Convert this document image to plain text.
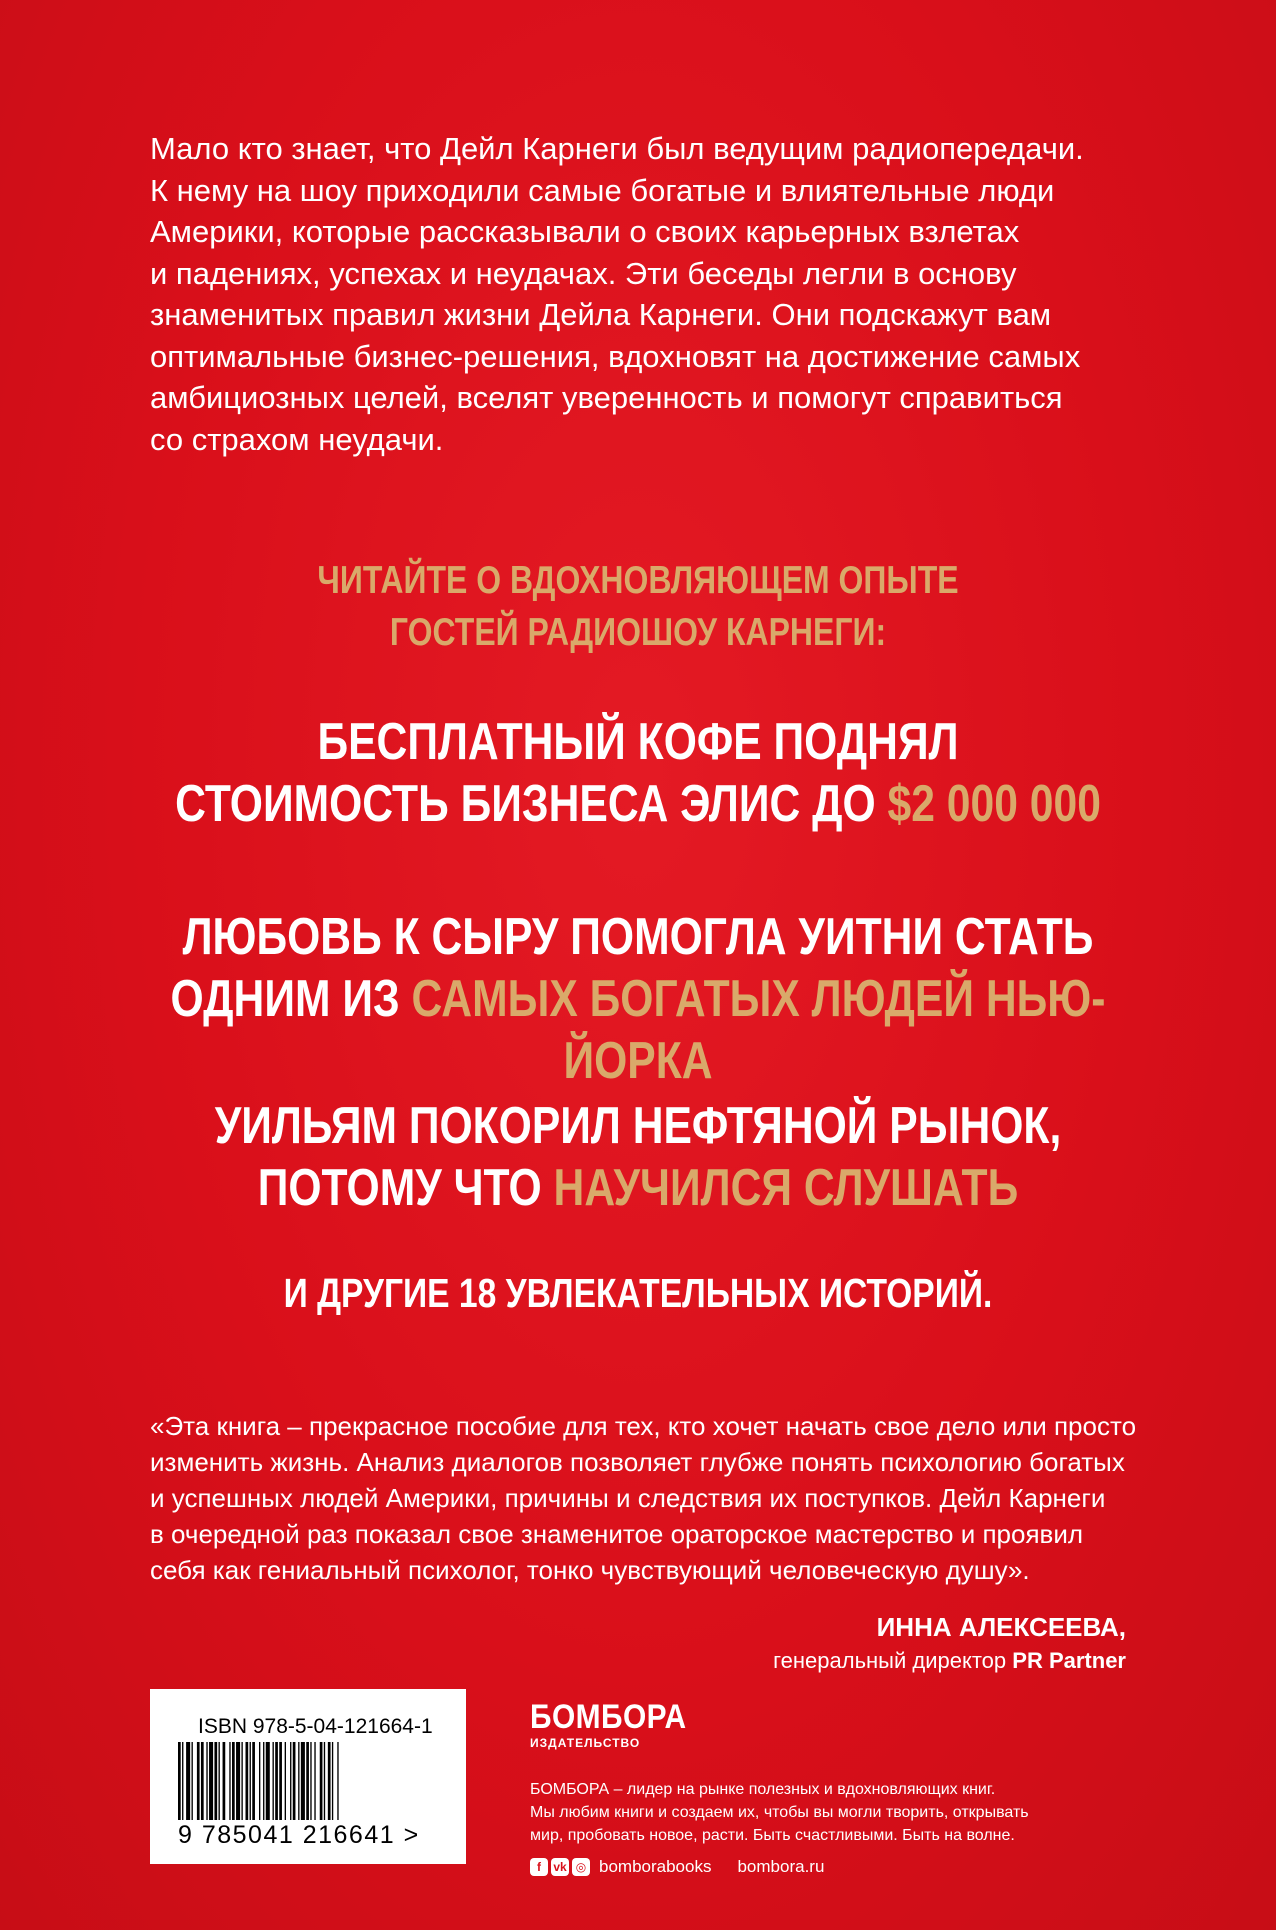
Мало кто знает, что Дейл Карнеги был ведущим радиопередачи.
К нему на шоу приходили самые богатые и влиятельные люди
Америки, которые рассказывали о своих карьерных взлетах
и падениях, успехах и неудачах. Эти беседы легли в основу
знаменитых правил жизни Дейла Карнеги. Они подскажут вам
оптимальные бизнес-решения, вдохновят на достижение самых
амбициозных целей, вселят уверенность и помогут справиться
со страхом неудачи.
ЧИТАЙТЕ О ВДОХНОВЛЯЮЩЕМ ОПЫТЕ
ГОСТЕЙ РАДИОШОУ КАРНЕГИ:
БЕСПЛАТНЫЙ КОФЕ ПОДНЯЛ
СТОИМОСТЬ БИЗНЕСА ЭЛИС ДО $2 000 000
ЛЮБОВЬ К СЫРУ ПОМОГЛА УИТНИ СТАТЬ
ОДНИМ ИЗ САМЫХ БОГАТЫХ ЛЮДЕЙ НЬЮ-ЙОРКА
УИЛЬЯМ ПОКОРИЛ НЕФТЯНОЙ РЫНОК,
ПОТОМУ ЧТО НАУЧИЛСЯ СЛУШАТЬ
И ДРУГИЕ 18 УВЛЕКАТЕЛЬНЫХ ИСТОРИЙ.
«Эта книга – прекрасное пособие для тех, кто хочет начать свое дело или просто
изменить жизнь. Анализ диалогов позволяет глубже понять психологию богатых
и успешных людей Америки, причины и следствия их поступков. Дейл Карнеги
в очередной раз показал свое знаменитое ораторское мастерство и проявил
себя как гениальный психолог, тонко чувствующий человеческую душу».
ИННА АЛЕКСЕЕВА,
генеральный директор PR Partner
ISBN 978-5-04-121664-1
9 785041 216641 >
БОМБОРА
ИЗДАТЕЛЬСТВО
БОМБОРА – лидер на рынке полезных и вдохновляющих книг.
Мы любим книги и создаем их, чтобы вы могли творить, открывать
мир, пробовать новое, расти. Быть счастливыми. Быть на волне.
f	vk ◎ bomborabooks bombora.ru
